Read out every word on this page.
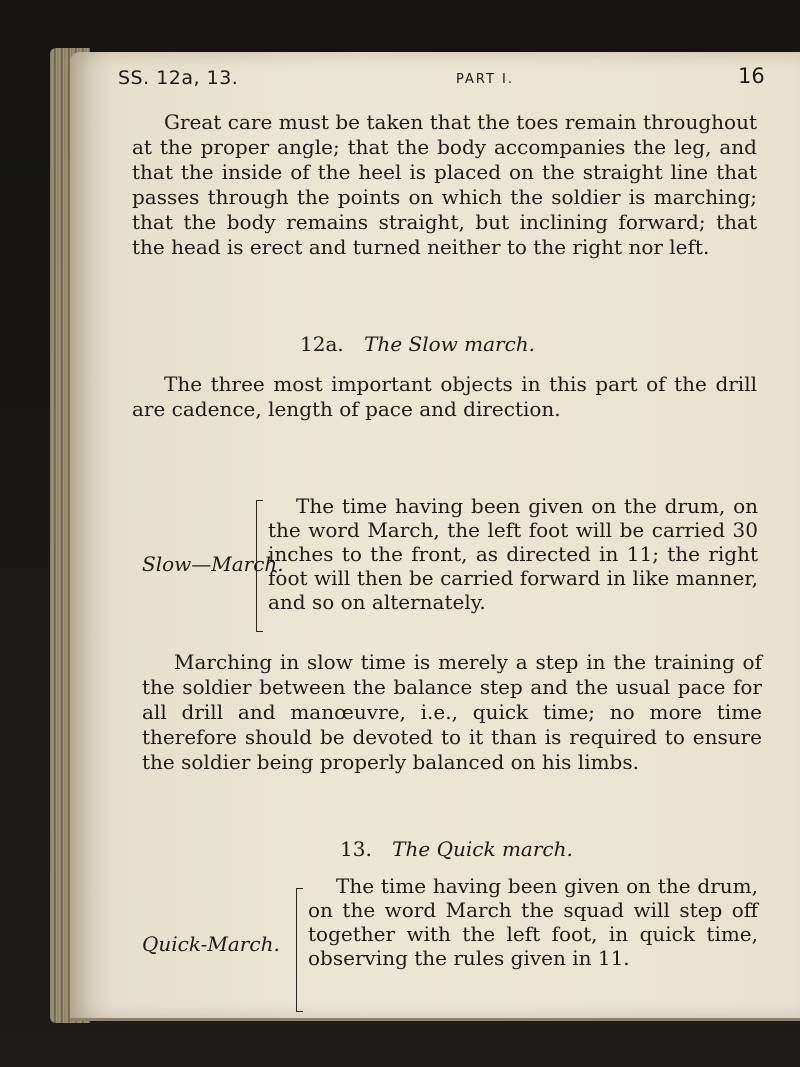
SS. 12a, 13.	PART I.	16

Great care must be taken that the toes remain throughout at the proper angle; that the body accompanies the leg, and that the inside of the heel is placed on the straight line that passes through the points on which the soldier is marching; that the body remains straight, but inclining forward; that the head is erect and turned neither to the right nor left.

12a. The Slow march.

The three most important objects in this part of the drill are cadence, length of pace and direction.

Slow—March.

The time having been given on the drum, on the word March, the left foot will be carried 30 inches to the front, as directed in 11; the right foot will then be carried forward in like manner, and so on alternately.

Marching in slow time is merely a step in the training of the soldier between the balance step and the usual pace for all drill and manœuvre, i.e., quick time; no more time therefore should be devoted to it than is required to ensure the soldier being properly balanced on his limbs.

13. The Quick march.
Quick-March.

The time having been given on the drum, on the word March the squad will step off together with the left foot, in quick time, observing the rules given in 11.
